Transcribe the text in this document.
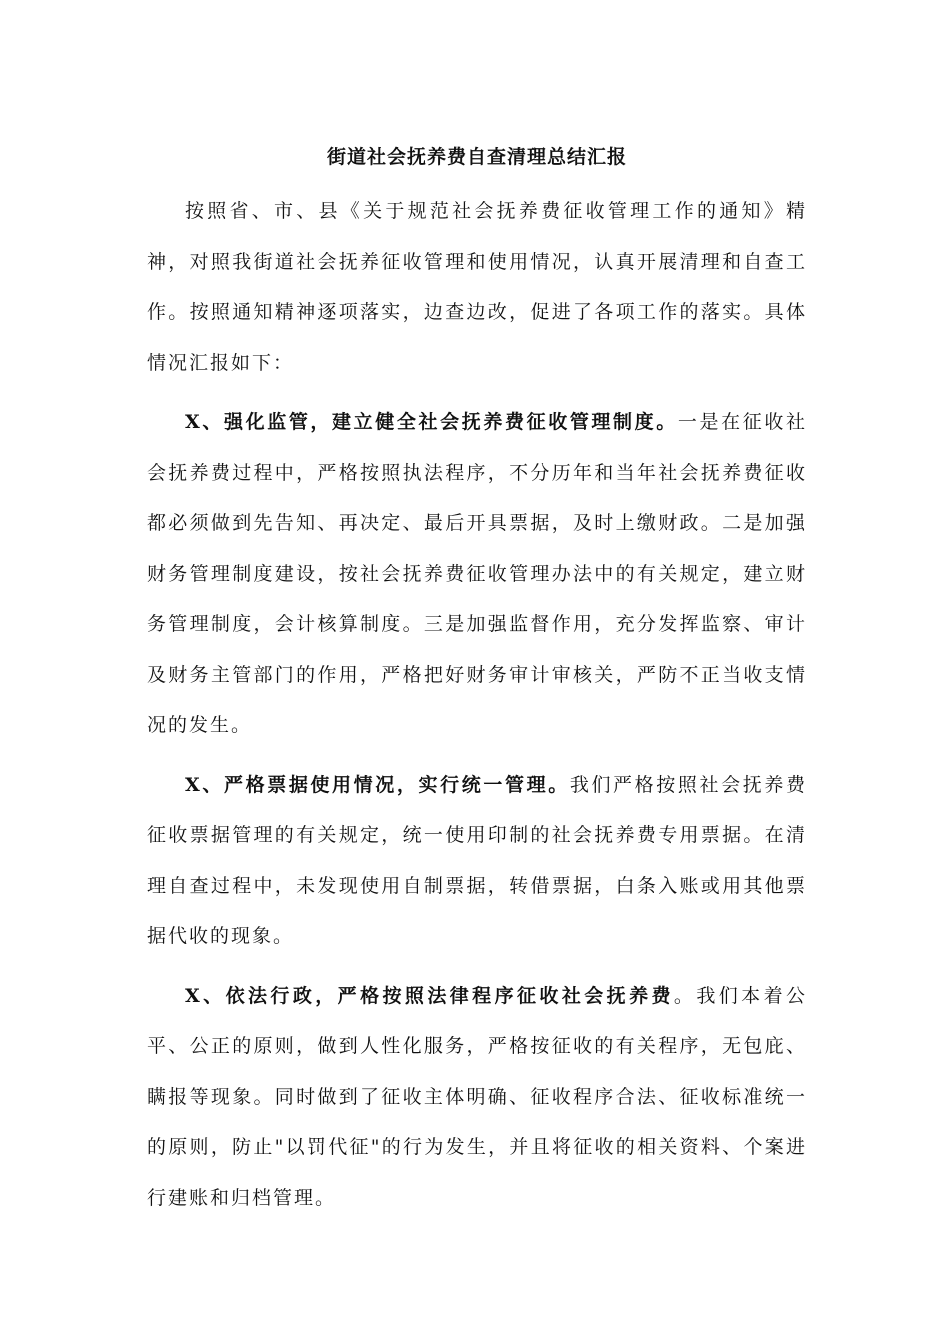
街道社会抚养费自查清理总结汇报

按照省、市、县《关于规范社会抚养费征收管理工作的通知》精神，对照我街道社会抚养征收管理和使用情况，认真开展清理和自查工作。按照通知精神逐项落实，边查边改，促进了各项工作的落实。具体情况汇报如下：

X、强化监管，建立健全社会抚养费征收管理制度。一是在征收社会抚养费过程中，严格按照执法程序，不分历年和当年社会抚养费征收都必须做到先告知、再决定、最后开具票据，及时上缴财政。二是加强财务管理制度建设，按社会抚养费征收管理办法中的有关规定，建立财务管理制度，会计核算制度。三是加强监督作用，充分发挥监察、审计及财务主管部门的作用，严格把好财务审计审核关，严防不正当收支情况的发生。

X、严格票据使用情况，实行统一管理。我们严格按照社会抚养费征收票据管理的有关规定，统一使用印制的社会抚养费专用票据。在清理自查过程中，未发现使用自制票据，转借票据，白条入账或用其他票据代收的现象。

X、依法行政，严格按照法律程序征收社会抚养费。我们本着公平、公正的原则，做到人性化服务，严格按征收的有关程序，无包庇、瞒报等现象。同时做到了征收主体明确、征收程序合法、征收标准统一的原则，防止"以罚代征"的行为发生，并且将征收的相关资料、个案进行建账和归档管理。
